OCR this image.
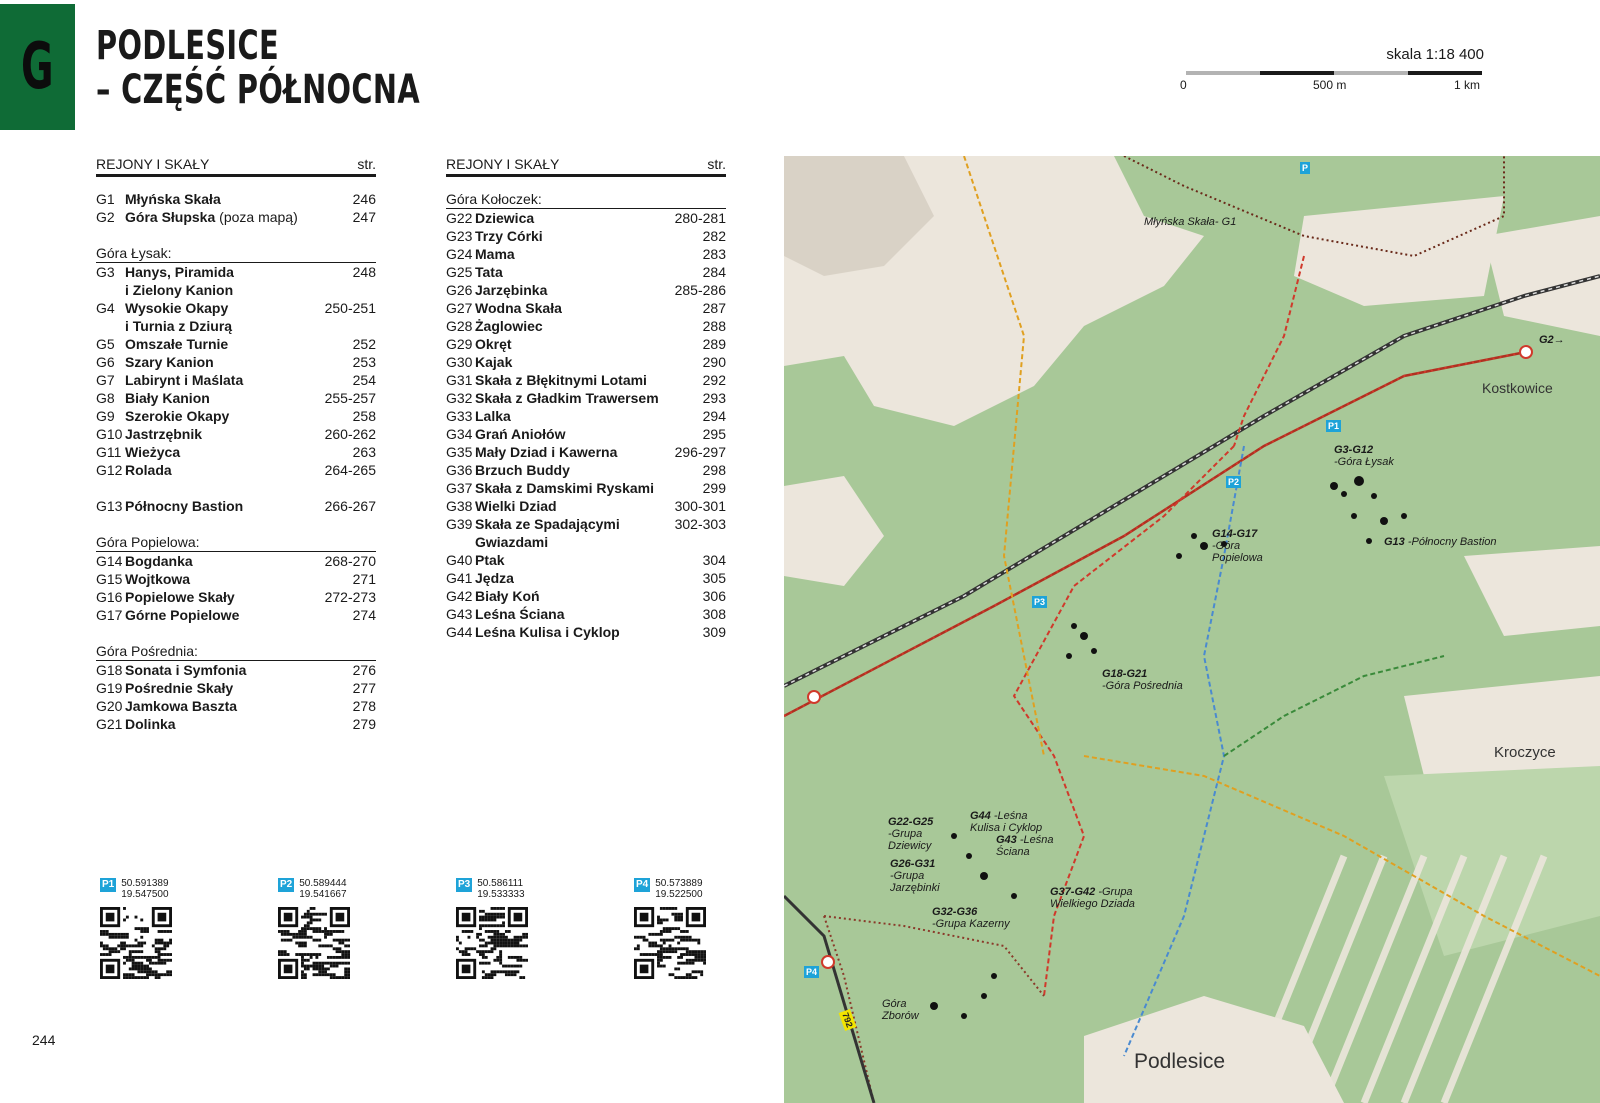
G PODLESICE
– CZĘŚĆ PÓŁNOCNA
skala 1:18 400
0	500 m	1 km
REJONY I SKAŁY	str.
G1 Młyńska Skała	246
G2 Góra Słupska (poza mapą)	247
Góra Łysak:
G3 Hanys, Piramida	248
i Zielony Kanion
G4 Wysokie Okapy	250-251
i Turnia z Dziurą
G5 Omszałe Turnie	252
G6 Szary Kanion	253
G7 Labirynt i Maślata	254
G8 Biały Kanion	255-257
G9 Szerokie Okapy	258
G10 Jastrzębnik	260-262
G11 Wieżyca	263
G12 Rolada	264-265
G13 Północny Bastion	266-267
Góra Popielowa:
G14 Bogdanka	268-270
G15 Wojtkowa	271
G16 Popielowe Skały	272-273
G17 Górne Popielowe	274
Góra Pośrednia:
G18 Sonata i Symfonia	276
G19 Pośrednie Skały	277
G20 Jamkowa Baszta	278
G21 Dolinka	279
REJONY I SKAŁY	str.
Góra Kołoczek:
G22 Dziewica	280-281
G23 Trzy Córki	282
G24 Mama	283
G25 Tata	284
G26 Jarzębinka	285-286
G27 Wodna Skała	287
G28 Żaglowiec	288
G29 Okręt	289
G30 Kajak	290
G31 Skała z Błękitnymi Lotami	292
G32 Skała z Gładkim Trawersem	293
G33 Lalka	294
G34 Grań Aniołów	295
G35 Mały Dziad i Kawerna	296-297
G36 Brzuch Buddy	298
G37 Skała z Damskimi Ryskami	299
G38 Wielki Dziad	300-301
G39 Skała ze Spadającymi	302-303
Gwiazdami
G40 Ptak	304
G41 Jędza	305
G42 Biały Koń	306
G43 Leśna Ściana	308
G44 Leśna Kulisa i Cyklop	309
P1 50.591389
19.547500
P2 50.589444
19.541667
P3 50.586111
19.533333
P4 50.573889
19.522500
244
Młyńska Skała- G1
G2→
G3-G12
-Góra Łysak
G13 -Północny Bastion
G14-G17
-Góra
Popielowa
G18-G21
-Góra Pośrednia
G22-G25
-Grupa
Dziewicy
G26-G31
-Grupa
Jarzębinki
G32-G36
-Grupa Kazerny
G37-G42 -Grupa
Wielkiego Dziada
G43 -Leśna
Ściana
G44 -Leśna
Kulisa i Cyklop
Góra
Zborów
Kostkowice
Kroczyce
Podlesice
P1
P2
P3
P4
P
792
